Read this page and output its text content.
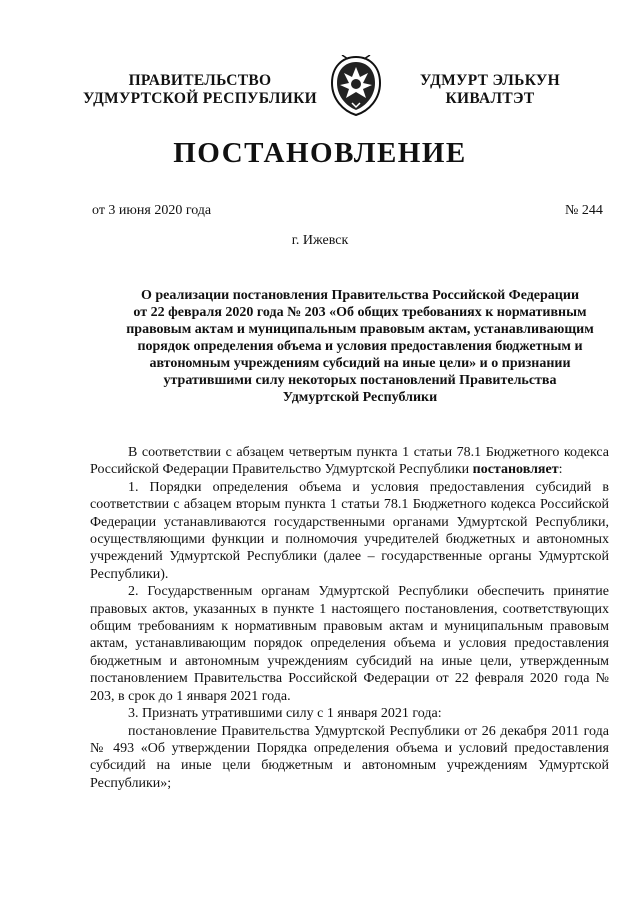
ПРАВИТЕЛЬСТВО
УДМУРТСКОЙ РЕСПУБЛИКИ
УДМУРТ ЭЛЬКУН
КИВАЛТЭТ
ПОСТАНОВЛЕНИЕ
от 3 июня 2020 года	№ 244
г. Ижевск
О реализации постановления Правительства Российской Федерации
от 22 февраля 2020 года № 203 «Об общих требованиях к нормативным
правовым актам и муниципальным правовым актам, устанавливающим
порядок определения объема и условия предоставления бюджетным и
автономным учреждениям субсидий на иные цели» и о признании
утратившими силу некоторых постановлений Правительства
Удмуртской Республики

В соответствии с абзацем четвертым пункта 1 статьи 78.1 Бюджетного кодекса Российской Федерации Правительство Удмуртской Республики постановляет:

1. Порядки определения объема и условия предоставления субсидий в соответствии с абзацем вторым пункта 1 статьи 78.1 Бюджетного кодекса Российской Федерации устанавливаются государственными органами Удмуртской Республики, осуществляющими функции и полномочия учредителей бюджетных и автономных учреждений Удмуртской Республики (далее – государственные органы Удмуртской Республики).

2. Государственным органам Удмуртской Республики обеспечить принятие правовых актов, указанных в пункте 1 настоящего постановления, соответствующих общим требованиям к нормативным правовым актам и муниципальным правовым актам, устанавливающим порядок определения объема и условия предоставления бюджетным и автономным учреждениям субсидий на иные цели, утвержденным постановлением Правительства Российской Федерации от 22 февраля 2020 года № 203, в срок до 1 января 2021 года.

3. Признать утратившими силу с 1 января 2021 года:

постановление Правительства Удмуртской Республики от 26 декабря 2011 года № 493 «Об утверждении Порядка определения объема и условий предоставления субсидий на иные цели бюджетным и автономным учреждениям Удмуртской Республики»;
